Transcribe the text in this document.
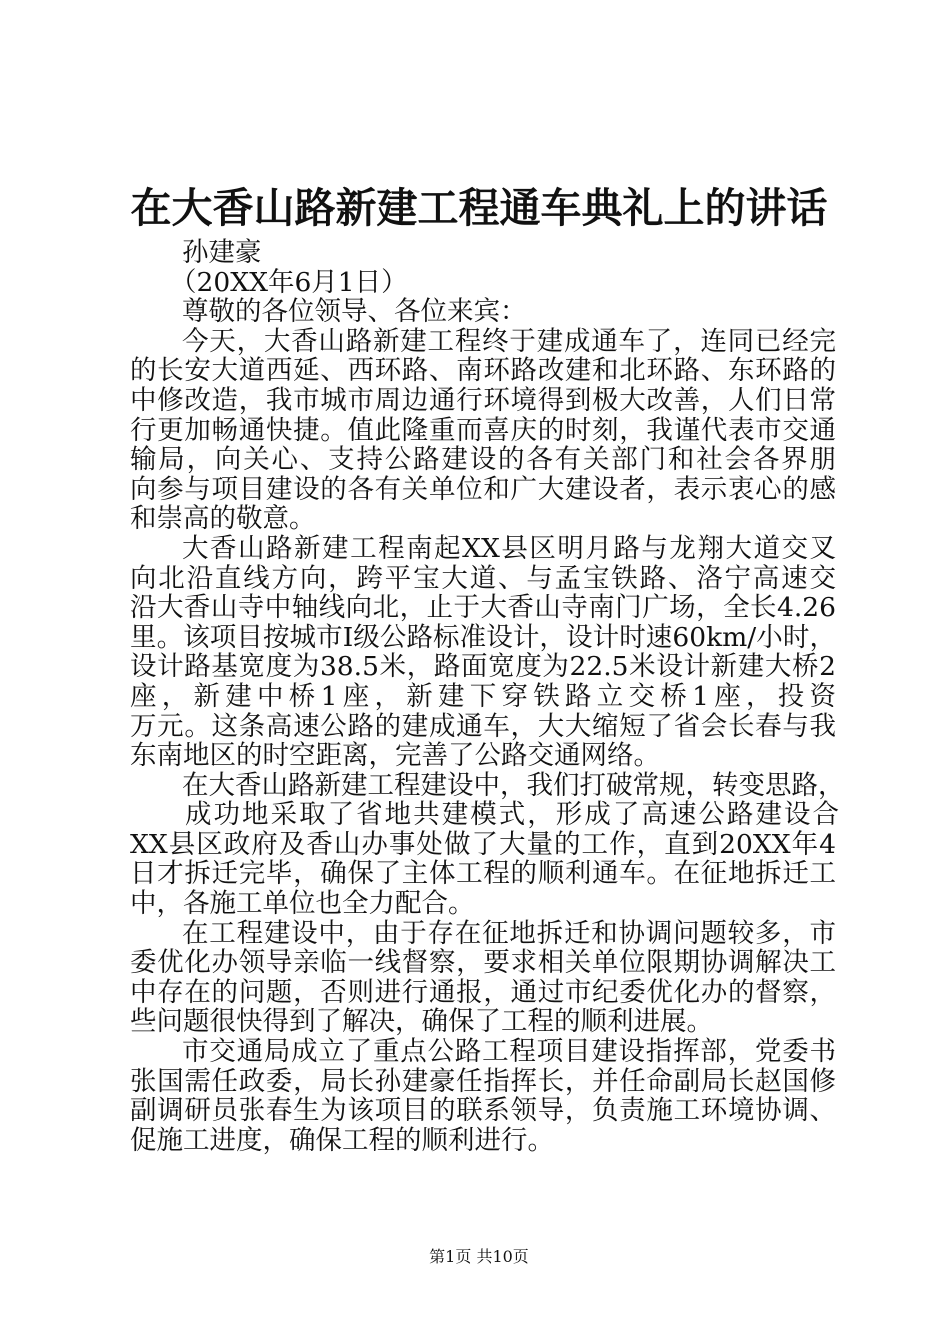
在大香山路新建工程通车典礼上的讲话
孙建豪
（20XX年6月1日）
尊敬的各位领导、各位来宾：
今天，大香山路新建工程终于建成通车了，连同已经完
的长安大道西延、西环路、南环路改建和北环路、东环路的
中修改造，我市城市周边通行环境得到极大改善，人们日常
行更加畅通快捷。值此隆重而喜庆的时刻，我谨代表市交通
输局，向关心、支持公路建设的各有关部门和社会各界朋
向参与项目建设的各有关单位和广大建设者，表示衷心的感
和崇高的敬意。
大香山路新建工程南起XX县区明月路与龙翔大道交叉
向北沿直线方向，跨平宝大道、与孟宝铁路、洛宁高速交
沿大香山寺中轴线向北，止于大香山寺南门广场，全长4.26
里。该项目按城市Ⅰ级公路标准设计，设计时速60km/小时，
设计路基宽度为38.5米，路面宽度为22.5米设计新建大桥2
座，新建中桥1座，新建下穿铁路立交桥1座，投资
万元。这条高速公路的建成通车，大大缩短了省会长春与我
东南地区的时空距离，完善了公路交通网络。
在大香山路新建工程建设中，我们打破常规，转变思路，
成功地采取了省地共建模式，形成了高速公路建设合
XX县区政府及香山办事处做了大量的工作，直到20XX年4
日才拆迁完毕，确保了主体工程的顺利通车。在征地拆迁工
中，各施工单位也全力配合。
在工程建设中，由于存在征地拆迁和协调问题较多，市
委优化办领导亲临一线督察，要求相关单位限期协调解决工
中存在的问题，否则进行通报，通过市纪委优化办的督察，
些问题很快得到了解决，确保了工程的顺利进展。
市交通局成立了重点公路工程项目建设指挥部，党委书
张国需任政委，局长孙建豪任指挥长，并任命副局长赵国修
副调研员张春生为该项目的联系领导，负责施工环境协调、
促施工进度，确保工程的顺利进行。
第1页 共10页
